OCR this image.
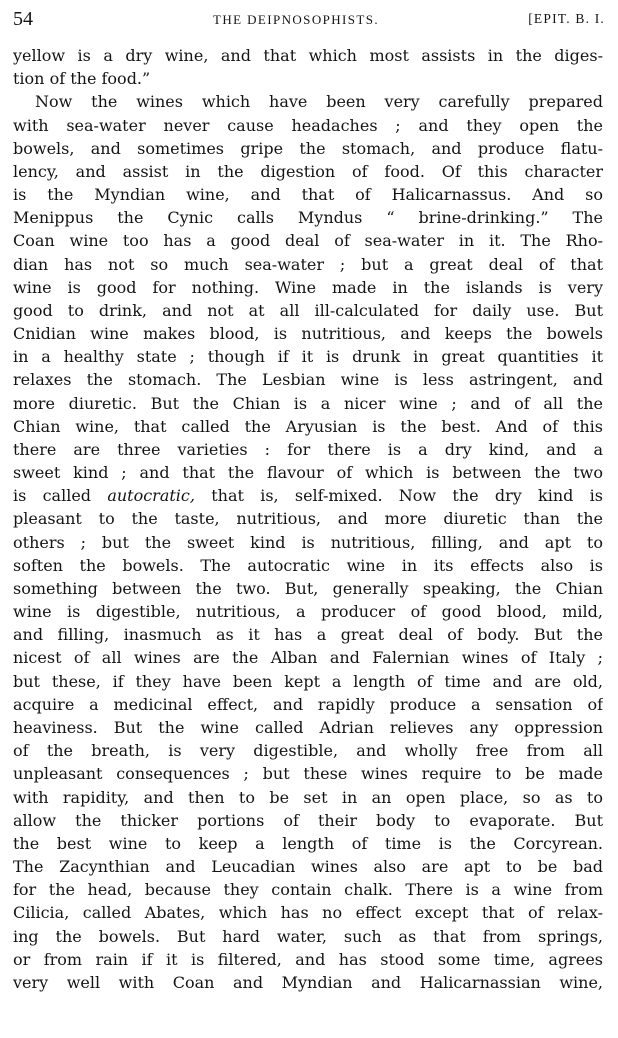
54	THE DEIPNOSOPHISTS.	[EPIT. B. I.
yellow is a dry wine, and that which most assists in the diges-
tion of the food.”
Now the wines which have been very carefully prepared
with sea-water never cause headaches ; and they open the
bowels, and sometimes gripe the stomach, and produce flatu-
lency, and assist in the digestion of food. Of this character
is the Myndian wine, and that of Halicarnassus. And so
Menippus the Cynic calls Myndus “ brine-drinking.” The
Coan wine too has a good deal of sea-water in it. The Rho-
dian has not so much sea-water ; but a great deal of that
wine is good for nothing. Wine made in the islands is very
good to drink, and not at all ill-calculated for daily use. But
Cnidian wine makes blood, is nutritious, and keeps the bowels
in a healthy state ; though if it is drunk in great quantities it
relaxes the stomach. The Lesbian wine is less astringent, and
more diuretic. But the Chian is a nicer wine ; and of all the
Chian wine, that called the Aryusian is the best. And of this
there are three varieties : for there is a dry kind, and a
sweet kind ; and that the flavour of which is between the two
is called autocratic, that is, self-mixed. Now the dry kind is
pleasant to the taste, nutritious, and more diuretic than the
others ; but the sweet kind is nutritious, filling, and apt to
soften the bowels. The autocratic wine in its effects also is
something between the two. But, generally speaking, the Chian
wine is digestible, nutritious, a producer of good blood, mild,
and filling, inasmuch as it has a great deal of body. But the
nicest of all wines are the Alban and Falernian wines of Italy ;
but these, if they have been kept a length of time and are old,
acquire a medicinal effect, and rapidly produce a sensation of
heaviness. But the wine called Adrian relieves any oppression
of the breath, is very digestible, and wholly free from all
unpleasant consequences ; but these wines require to be made
with rapidity, and then to be set in an open place, so as to
allow the thicker portions of their body to evaporate. But
the best wine to keep a length of time is the Corcyrean.
The Zacynthian and Leucadian wines also are apt to be bad
for the head, because they contain chalk. There is a wine from
Cilicia, called Abates, which has no effect except that of relax-
ing the bowels. But hard water, such as that from springs,
or from rain if it is filtered, and has stood some time, agrees
very well with Coan and Myndian and Halicarnassian wine,
